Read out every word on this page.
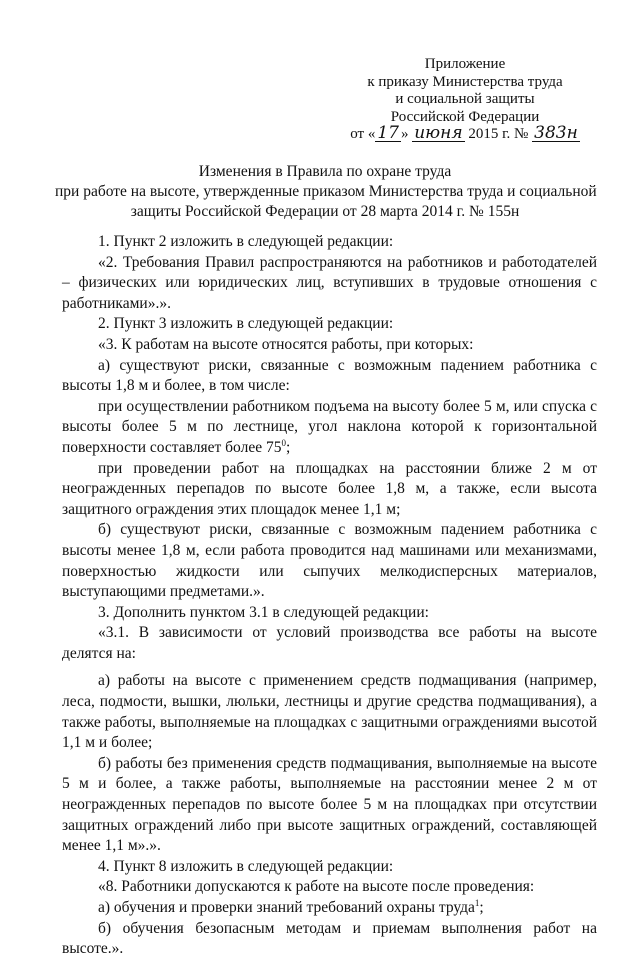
Приложение
к приказу Министерства труда
и социальной защиты
Российской Федерации
от « 17 » июня 2015 г. № 383н
Изменения в Правила по охране труда
при работе на высоте, утвержденные приказом Министерства труда и социальной
защиты Российской Федерации от 28 марта 2014 г. № 155н

1. Пункт 2 изложить в следующей редакции:

«2. Требования Правил распространяются на работников и работодателей – физических или юридических лиц, вступивших в трудовые отношения с работниками».».

2. Пункт 3 изложить в следующей редакции:

«3. К работам на высоте относятся работы, при которых:

а) существуют риски, связанные с возможным падением работника с высоты 1,8 м и более, в том числе:

при осуществлении работником подъема на высоту более 5 м, или спуска с высоты более 5 м по лестнице, угол наклона которой к горизонтальной поверхности составляет более $75^0$;

при проведении работ на площадках на расстоянии ближе 2 м от неогражденных перепадов по высоте более 1,8 м, а также, если высота защитного ограждения этих площадок менее 1,1 м;

б) существуют риски, связанные с возможным падением работника с высоты менее 1,8 м, если работа проводится над машинами или механизмами, поверхностью жидкости или сыпучих мелкодисперсных материалов, выступающими предметами.».

3. Дополнить пунктом 3.1 в следующей редакции:

«3.1. В зависимости от условий производства все работы на высоте делятся на:

а) работы на высоте с применением средств подмащивания (например, леса, подмости, вышки, люльки, лестницы и другие средства подмащивания), а также работы, выполняемые на площадках с защитными ограждениями высотой 1,1 м и более;

б) работы без применения средств подмащивания, выполняемые на высоте 5 м и более, а также работы, выполняемые на расстоянии менее 2 м от неогражденных перепадов по высоте более 5 м на площадках при отсутствии защитных ограждений либо при высоте защитных ограждений, составляющей менее 1,1 м».».

4. Пункт 8 изложить в следующей редакции:

«8. Работники допускаются к работе на высоте после проведения:

а) обучения и проверки знаний требований охраны труда$^1$;

б) обучения безопасным методам и приемам выполнения работ на высоте.».
